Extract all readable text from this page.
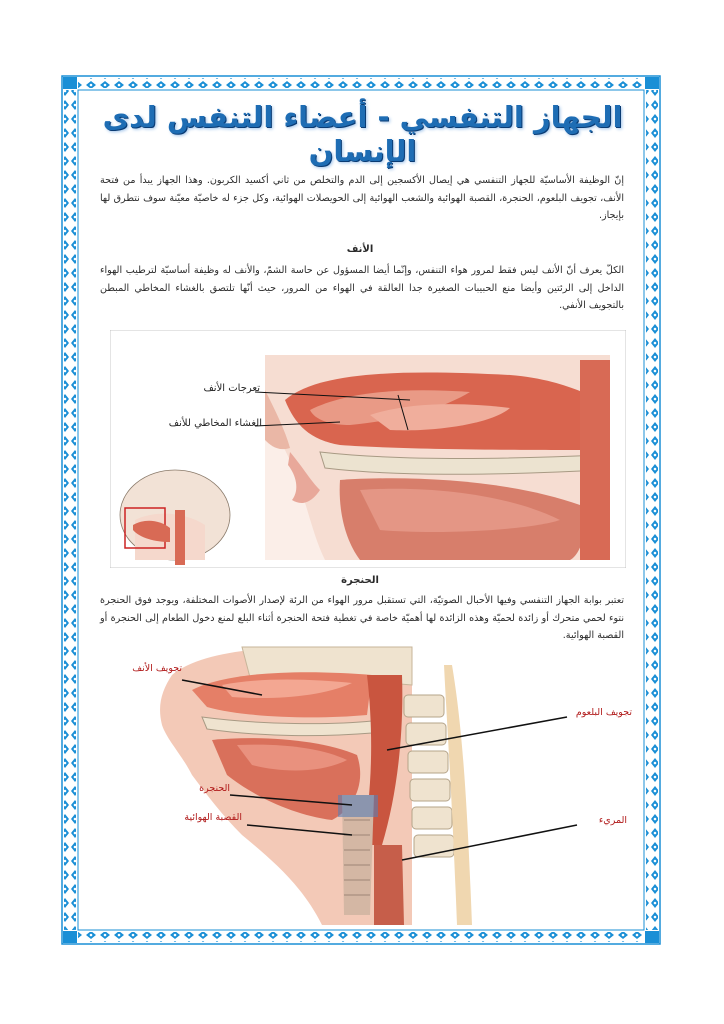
الجهاز التنفسي - أعضاء التنفس لدى الإنسان
إنّ الوظيفة الأساسيّة للجهاز التنفسي هي إيصال الأكسجين إلى الدم والتخلص من ثاني أكسيد الكربون. وهذا الجهاز يبدأ من فتحة الأنف، تجويف البلعوم، الحنجرة، القصبة الهوائية والشعب الهوائية إلى الحويصلات الهوائية، وكل جزء له خاصيّة معيّنة سوف نتطرق لها بإيجاز.
الأنف
الكلّ يعرف أنّ الأنف ليس فقط لمرور هواء التنفس، وإنّما أيضا المسؤول عن حاسة الشمّ، والأنف له وظيفة أساسيّة لترطيب الهواء الداخل إلى الرئتين وأيضا منع الحبيبات الصغيرة جدا العالقة في الهواء من المرور، حيث أنّها تلتصق بالغشاء المخاطي المبطن بالتجويف الأنفي.
تعرجات الأنف
الغشاء المخاطي للأنف
الحنجرة
تعتبر بوابة الجهاز التنفسي وفيها الأحبال الصوتيّة، التي تستقبل مرور الهواء من الرئة لإصدار الأصوات المختلفة، ويوجد فوق الحنجرة نتوء لحمي متحرك أو زائدة لحميّة وهذه الزائدة لها أهميّة خاصة في تغطية فتحة الحنجرة أثناء البلع لمنع دخول الطعام إلى الحنجرة أو القصبة الهوائية.
تجويف الأنف
تجويف البلعوم
الحنجرة
القصبة الهوائية	المريء
